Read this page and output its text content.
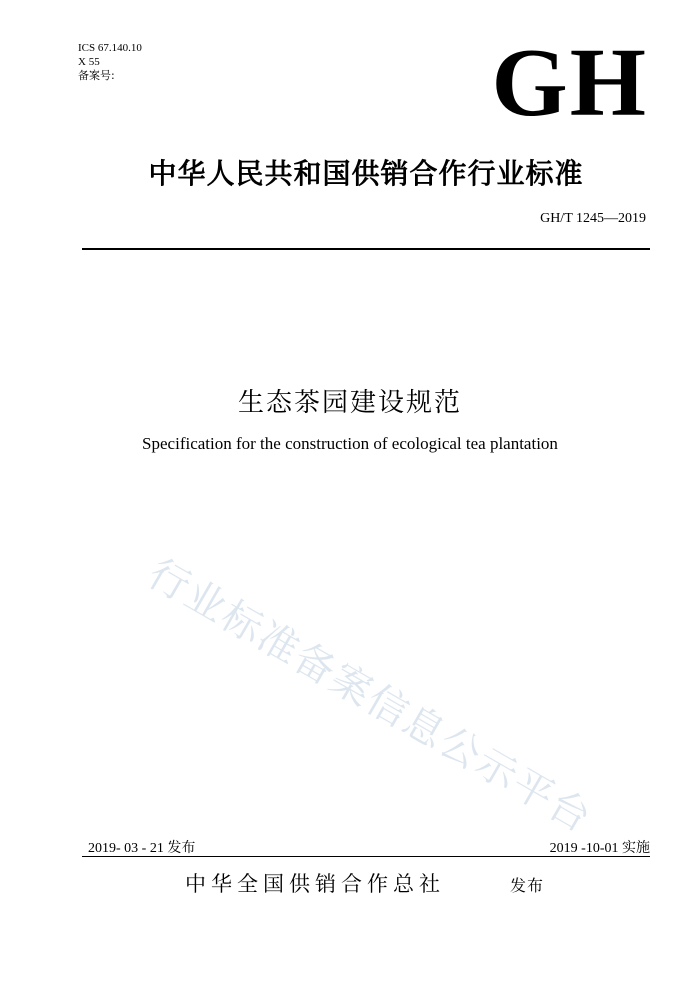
ICS 67.140.10
X 55
备案号:	GH
中华人民共和国供销合作行业标准
GH/T 1245—2019
生态茶园建设规范
Specification for the construction of ecological tea plantation
行业标准备案信息公示平台
2019- 03 - 21 发布	2019 -10-01 实施
中华全国供销合作总社	发布
